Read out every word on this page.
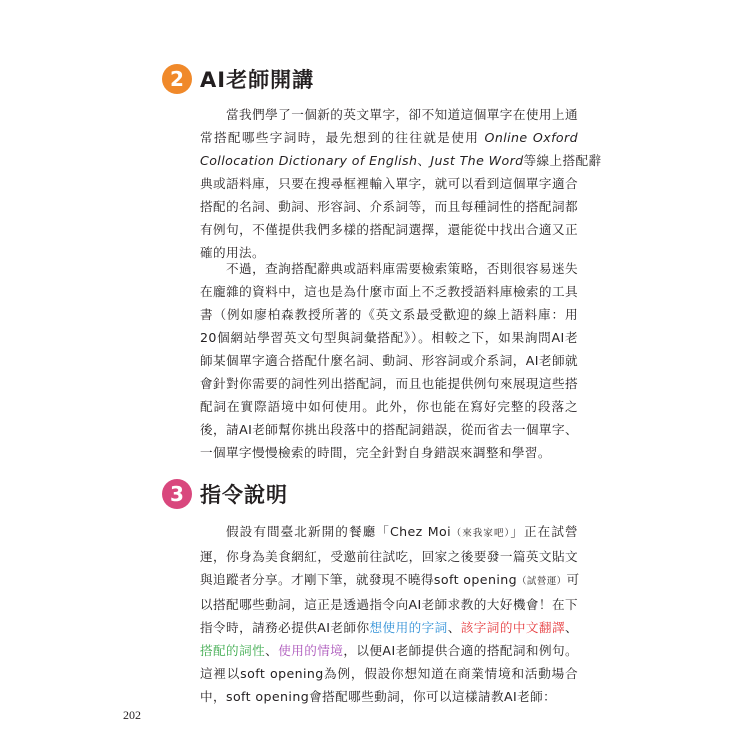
2 AI老師開講
當我們學了一個新的英文單字，卻不知道這個單字在使用上通
常搭配哪些字詞時，最先想到的往往就是使用 Online Oxford
Collocation Dictionary of English、Just The Word等線上搭配辭
典或語料庫，只要在搜尋框裡輸入單字，就可以看到這個單字適合
搭配的名詞、動詞、形容詞、介系詞等，而且每種詞性的搭配詞都
有例句，不僅提供我們多樣的搭配詞選擇，還能從中找出合適又正
確的用法。
不過，查詢搭配辭典或語料庫需要檢索策略，否則很容易迷失
在龐雜的資料中，這也是為什麼市面上不乏教授語料庫檢索的工具
書（例如廖柏森教授所著的《英文系最受歡迎的線上語料庫：用
20個網站學習英文句型與詞彙搭配》）。相較之下，如果詢問AI老
師某個單字適合搭配什麼名詞、動詞、形容詞或介系詞，AI老師就
會針對你需要的詞性列出搭配詞，而且也能提供例句來展現這些搭
配詞在實際語境中如何使用。此外，你也能在寫好完整的段落之
後，請AI老師幫你挑出段落中的搭配詞錯誤，從而省去一個單字、
一個單字慢慢檢索的時間，完全針對自身錯誤來調整和學習。
3 指令說明
假設有間臺北新開的餐廳「Chez Moi（來我家吧）」正在試營
運，你身為美食網紅，受邀前往試吃，回家之後要發一篇英文貼文
與追蹤者分享。才剛下筆，就發現不曉得soft opening（試營運）可
以搭配哪些動詞，這正是透過指令向AI老師求教的大好機會！在下
指令時，請務必提供AI老師你想使用的字詞、該字詞的中文翻譯、
搭配的詞性、使用的情境，以便AI老師提供合適的搭配詞和例句。
這裡以soft opening為例，假設你想知道在商業情境和活動場合
中，soft opening會搭配哪些動詞，你可以這樣請教AI老師：
202
